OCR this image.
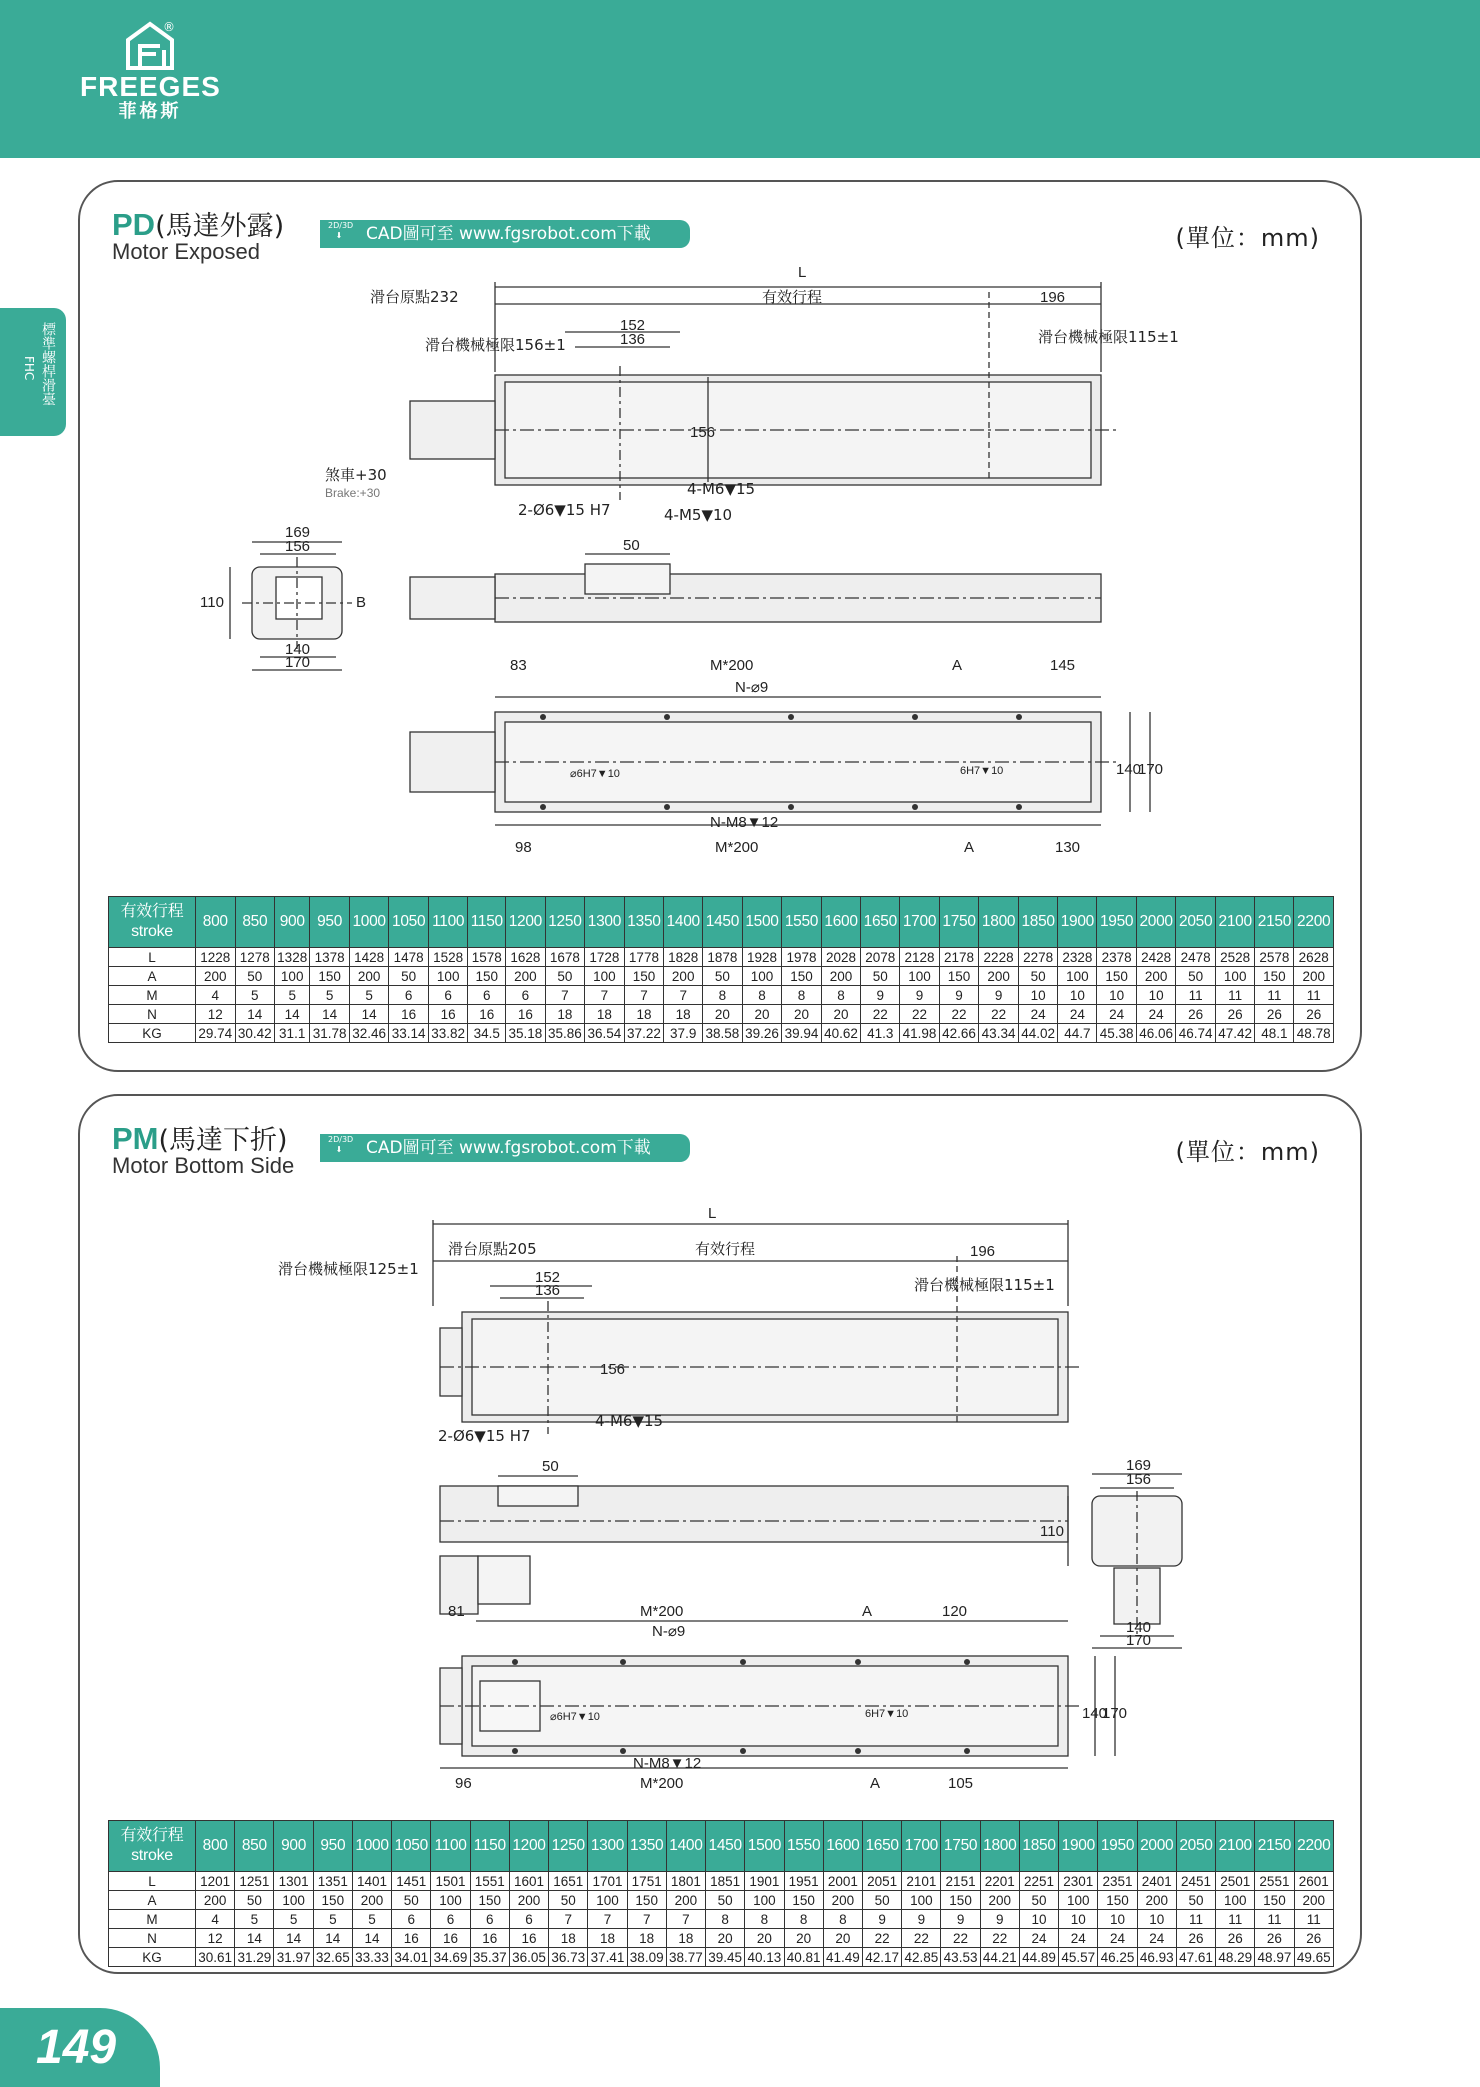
FREEGES
菲格斯
®
標準螺桿滑臺
FHC
PD(馬達外露)
Motor Exposed
2D/3D
⬇	CAD圖可至 www.fgsrobot.com下載	(單位：mm)
L
滑台原點232	有效行程	196
滑台機械極限156±1	滑台機械極限115±1
152
136
156
煞車+30
Brake:+30
2-Ø6▼15 H7
4-M6▼15
4-M5▼10
50
169
156
110
140
170
B
83	M*200	A	145
N-⌀9
⌀6H7▼10	6H7▼10
N-M8▼12
98	M*200	A	130
140
170
有效行程
stroke	800	850	900	950	1000	1050	1100	1150	1200	1250	1300	1350	1400	1450	1500	1550	1600	1650	1700	1750	1800	1850	1900	1950	2000	2050	2100	2150	2200
L	1228	1278	1328	1378	1428	1478	1528	1578	1628	1678	1728	1778	1828	1878	1928	1978	2028	2078	2128	2178	2228	2278	2328	2378	2428	2478	2528	2578	2628
A	200	50	100	150	200	50	100	150	200	50	100	150	200	50	100	150	200	50	100	150	200	50	100	150	200	50	100	150	200
M	4	5	5	5	5	6	6	6	6	7	7	7	7	8	8	8	8	9	9	9	9	10	10	10	10	11	11	11	11
N	12	14	14	14	14	16	16	16	16	18	18	18	18	20	20	20	20	22	22	22	22	24	24	24	24	26	26	26	26
KG	29.74	30.42	31.1	31.78	32.46	33.14	33.82	34.5	35.18	35.86	36.54	37.22	37.9	38.58	39.26	39.94	40.62	41.3	41.98	42.66	43.34	44.02	44.7	45.38	46.06	46.74	47.42	48.1	48.78
PM(馬達下折)
Motor Bottom Side
2D/3D
⬇	CAD圖可至 www.fgsrobot.com下載	(單位：mm)
L
滑台原點205	有效行程	196
滑台機械極限125±1
滑台機械極限115±1
152
136
156
2-Ø6▼15 H7
4-M6▼15
50	169
156
110
140
170
81	M*200	A	120
N-⌀9
⌀6H7▼10	6H7▼10
N-M8▼12
96	M*200	A	105
140
170
有效行程
stroke	800	850	900	950	1000	1050	1100	1150	1200	1250	1300	1350	1400	1450	1500	1550	1600	1650	1700	1750	1800	1850	1900	1950	2000	2050	2100	2150	2200
L	1201	1251	1301	1351	1401	1451	1501	1551	1601	1651	1701	1751	1801	1851	1901	1951	2001	2051	2101	2151	2201	2251	2301	2351	2401	2451	2501	2551	2601
A	200	50	100	150	200	50	100	150	200	50	100	150	200	50	100	150	200	50	100	150	200	50	100	150	200	50	100	150	200
M	4	5	5	5	5	6	6	6	6	7	7	7	7	8	8	8	8	9	9	9	9	10	10	10	10	11	11	11	11
N	12	14	14	14	14	16	16	16	16	18	18	18	18	20	20	20	20	22	22	22	22	24	24	24	24	26	26	26	26
KG	30.61	31.29	31.97	32.65	33.33	34.01	34.69	35.37	36.05	36.73	37.41	38.09	38.77	39.45	40.13	40.81	41.49	42.17	42.85	43.53	44.21	44.89	45.57	46.25	46.93	47.61	48.29	48.97	49.65
149
